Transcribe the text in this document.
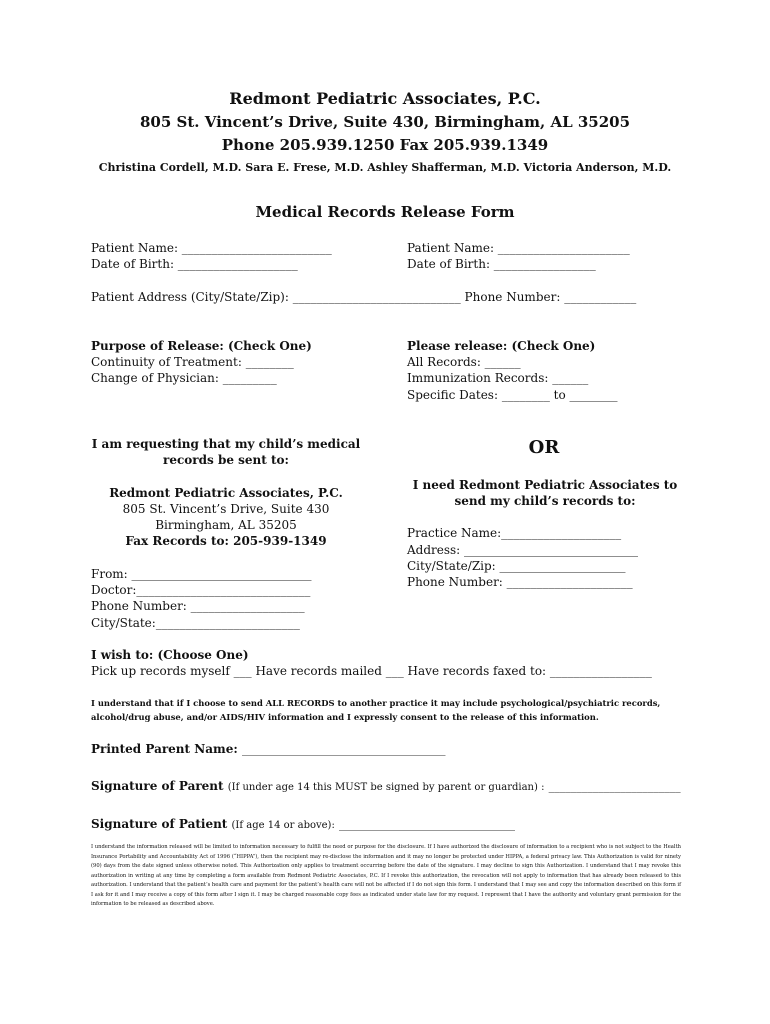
Redmont Pediatric Associates, P.C.
805 St. Vincent’s Drive, Suite 430, Birmingham, AL 35205
Phone 205.939.1250 Fax 205.939.1349
Christina Cordell, M.D. Sara E. Frese, M.D. Ashley Shafferman, M.D. Victoria Anderson, M.D.
Medical Records Release Form
Patient Name: _________________________
Date of Birth: ____________________
Patient Name: ______________________
Date of Birth: _________________
Patient Address (City/State/Zip): ____________________________ Phone Number: ____________
Purpose of Release: (Check One)
Continuity of Treatment: ________
Change of Physician: _________
Please release: (Check One)
All Records: ______
Immunization Records: ______
Specific Dates: ________ to ________
I am requesting that my child’s medical
records be sent to:
Redmont Pediatric Associates, P.C.
805 St. Vincent’s Drive, Suite 430
Birmingham, AL 35205
Fax Records to: 205-939-1349
From: ______________________________
Doctor:_____________________________
Phone Number: ___________________
City/State:________________________
OR
I need Redmont Pediatric Associates to
send my child’s records to:
Practice Name:____________________
Address: _____________________________
City/State/Zip: _____________________
Phone Number: _____________________
I wish to: (Choose One)
Pick up records myself ___ Have records mailed ___ Have records faxed to: _________________
I understand that if I choose to send ALL RECORDS to another practice it may include psychological/psychiatric records, alcohol/drug abuse, and/or AIDS/HIV information and I expressly consent to the release of this information.
Printed Parent Name: _____________________________________
Signature of Parent (If under age 14 this MUST be signed by parent or guardian) : ________________________
Signature of Patient (If age 14 or above): ________________________________
I understand the information released will be limited to information necessary to fulfill the need or purpose for the disclosure. If I have authorized the disclosure of information to a recipient who is not subject to the Health Insurance Portability and Accountability Act of 1996 (“HIPPA”), then the recipient may re-disclose the information and it may no longer be protected under HIPPA, a federal privacy law. This Authorization is valid for ninety (90) days from the date signed unless otherwise noted. This Authorization only applies to treatment occurring before the date of the signature. I may decline to sign this Authorization. I understand that I may revoke this authorization in writing at any time by completing a form available from Redmont Pediatric Associates, P.C. If I revoke this authorization, the revocation will not apply to information that has already been released to this authorization. I understand that the patient’s health care and payment for the patient’s health care will not be affected if I do not sign this form. I understand that I may see and copy the information described on this form if I ask for it and I may receive a copy of this form after I sign it. I may be charged reasonable copy fees as indicated under state law for my request. I represent that I have the authority and voluntary grant permission for the information to be released as described above.
